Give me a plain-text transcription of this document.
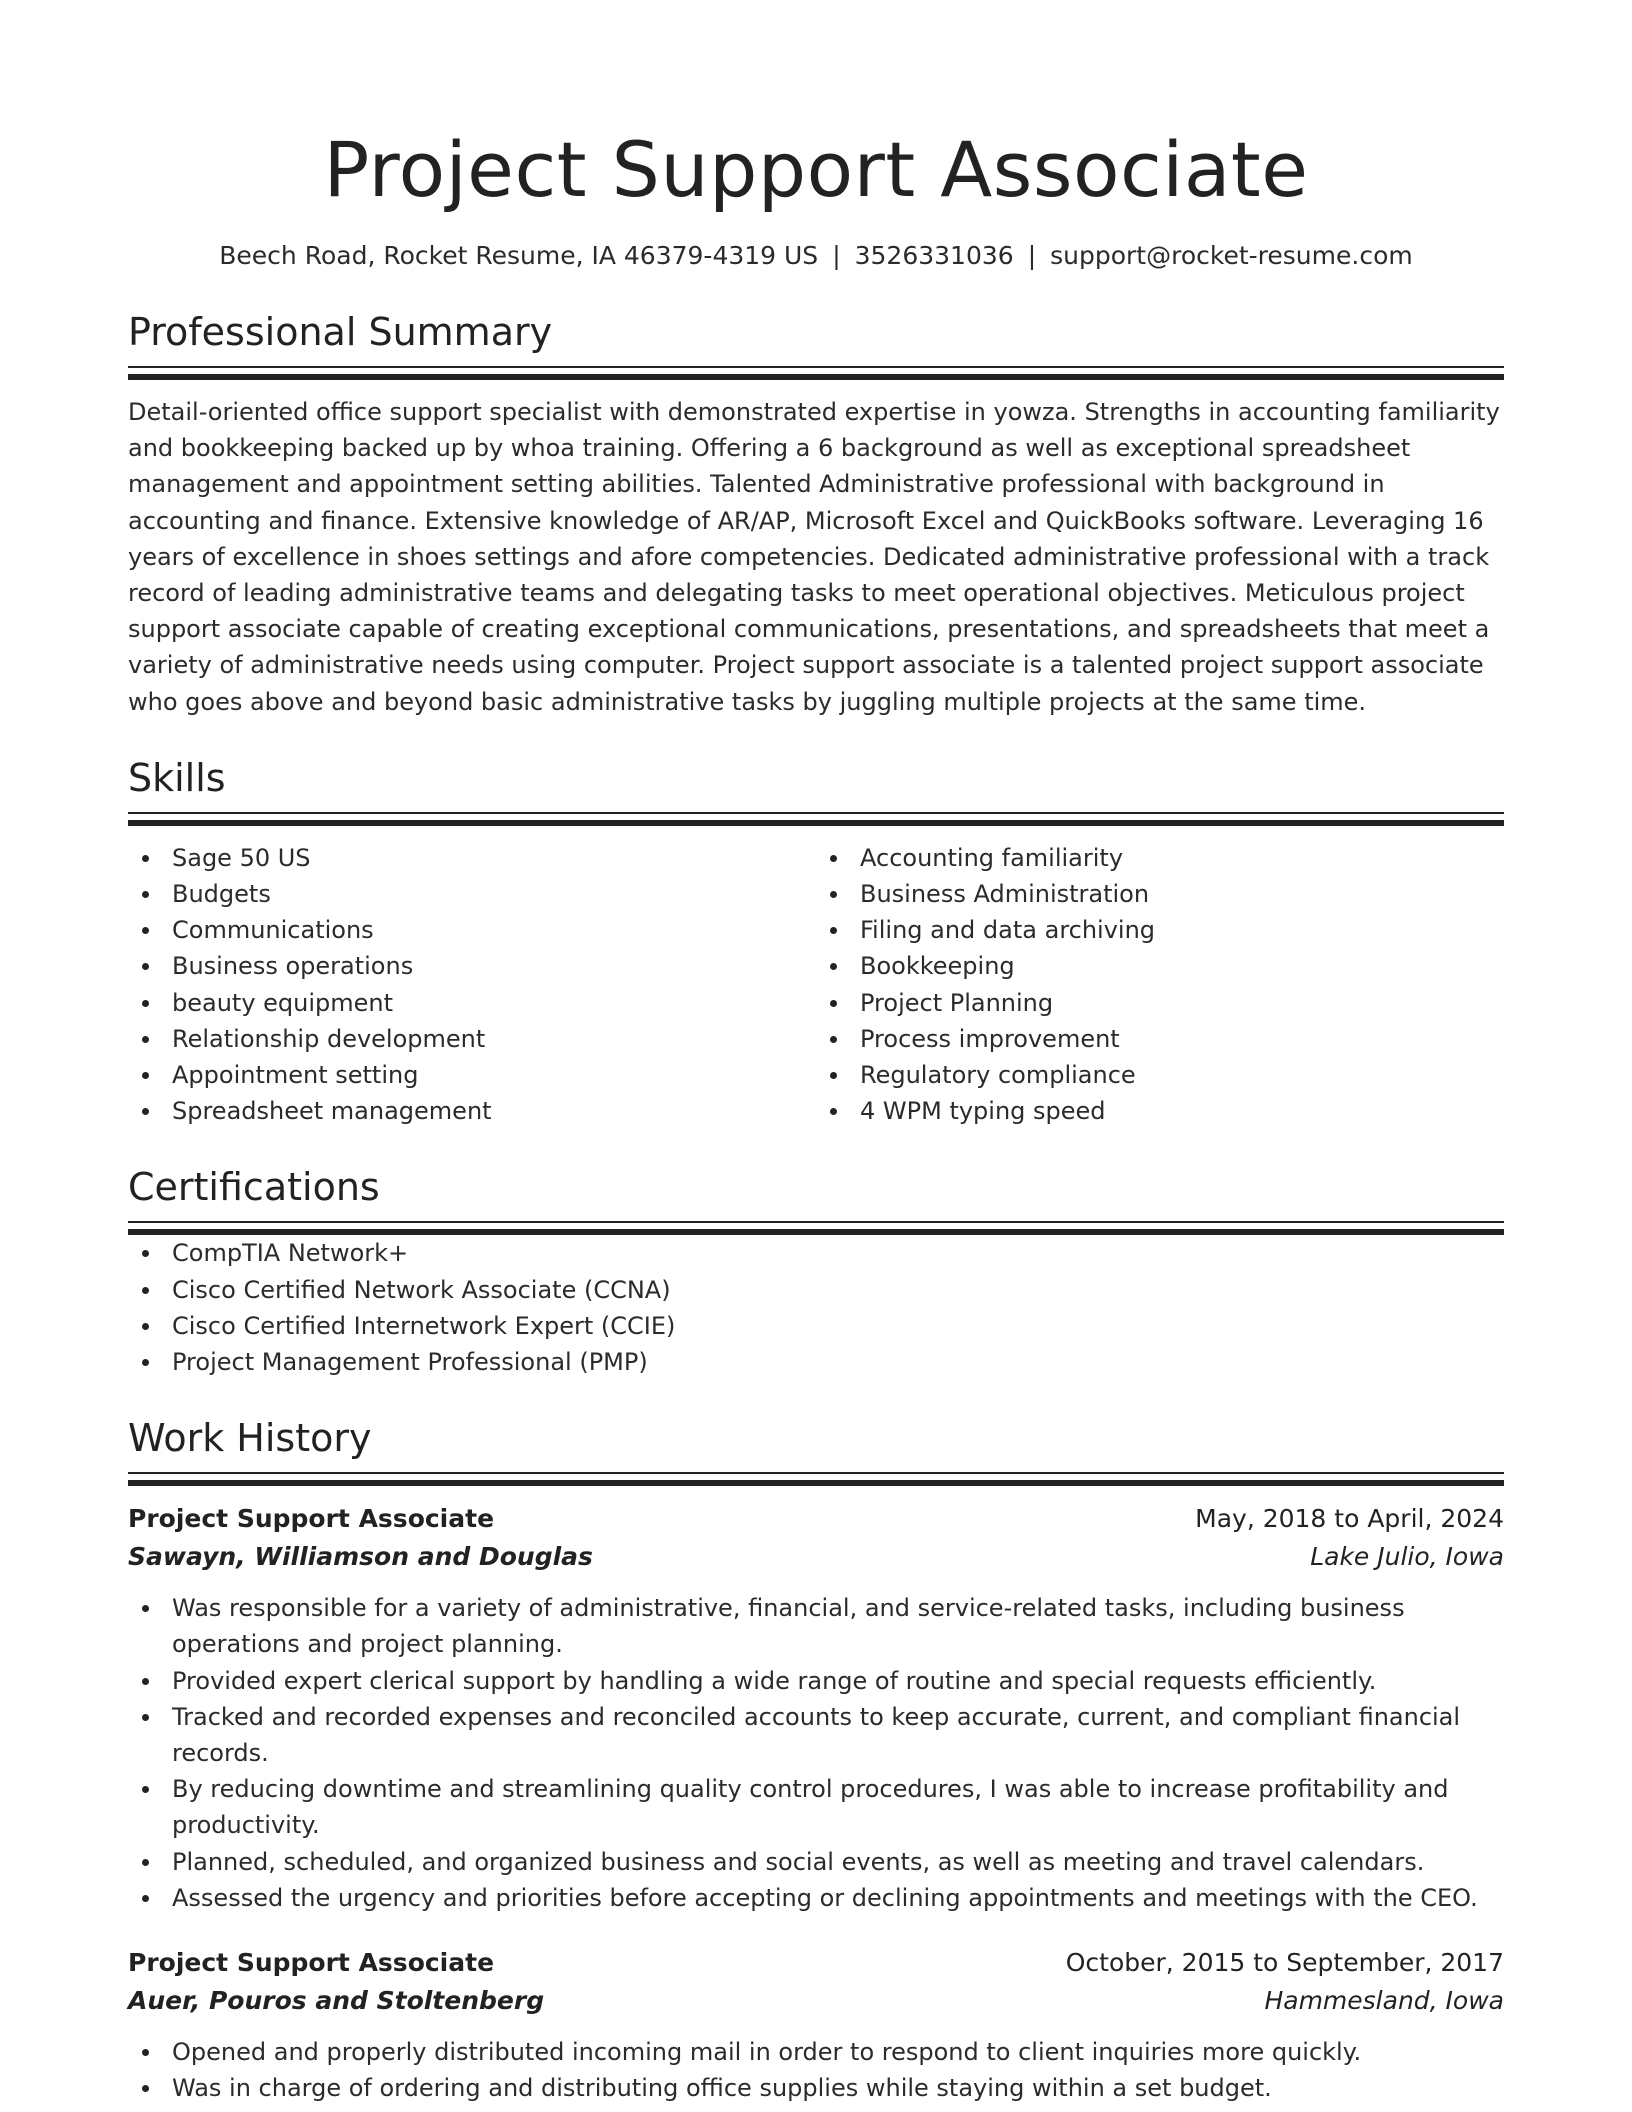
Project Support Associate
Beech Road, Rocket Resume, IA 46379-4319 US | 3526331036 | support@rocket-resume.com
Professional Summary
Detail-oriented office support specialist with demonstrated expertise in yowza. Strengths in accounting familiarity and bookkeeping backed up by whoa training. Offering a 6 background as well as exceptional spreadsheet management and appointment setting abilities. Talented Administrative professional with background in accounting and finance. Extensive knowledge of AR/AP, Microsoft Excel and QuickBooks software. Leveraging 16 years of excellence in shoes settings and afore competencies. Dedicated administrative professional with a track record of leading administrative teams and delegating tasks to meet operational objectives. Meticulous project support associate capable of creating exceptional communications, presentations, and spreadsheets that meet a variety of administrative needs using computer. Project support associate is a talented project support associate who goes above and beyond basic administrative tasks by juggling multiple projects at the same time.
Skills
Sage 50 US
Budgets
Communications
Business operations
beauty equipment
Relationship development
Appointment setting
Spreadsheet management
Accounting familiarity
Business Administration
Filing and data archiving
Bookkeeping
Project Planning
Process improvement
Regulatory compliance
4 WPM typing speed
Certifications
CompTIA Network+
Cisco Certified Network Associate (CCNA)
Cisco Certified Internetwork Expert (CCIE)
Project Management Professional (PMP)
Work History
Project Support Associate	May, 2018 to April, 2024
Sawayn, Williamson and Douglas	Lake Julio, Iowa
Was responsible for a variety of administrative, financial, and service-related tasks, including business operations and project planning.
Provided expert clerical support by handling a wide range of routine and special requests efficiently.
Tracked and recorded expenses and reconciled accounts to keep accurate, current, and compliant financial records.
By reducing downtime and streamlining quality control procedures, I was able to increase profitability and productivity.
Planned, scheduled, and organized business and social events, as well as meeting and travel calendars.
Assessed the urgency and priorities before accepting or declining appointments and meetings with the CEO.
Project Support Associate	October, 2015 to September, 2017
Auer, Pouros and Stoltenberg	Hammesland, Iowa
Opened and properly distributed incoming mail in order to respond to client inquiries more quickly.
Was in charge of ordering and distributing office supplies while staying within a set budget.
